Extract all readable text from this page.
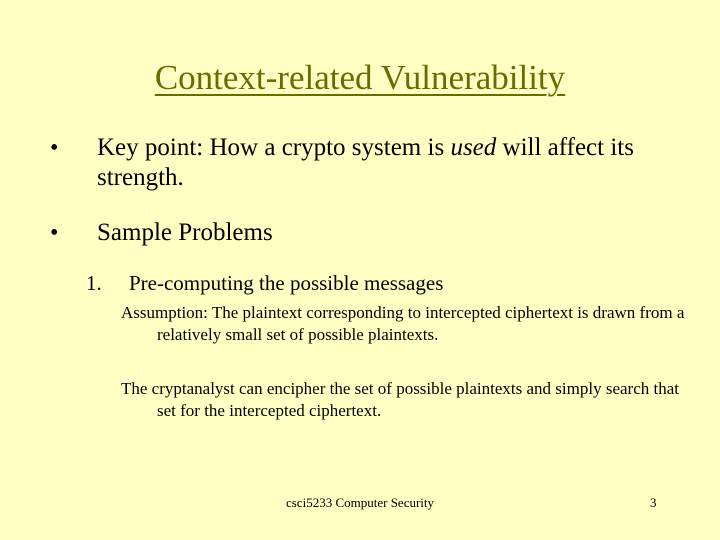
Context-related Vulnerability
• Key point: How a crypto system is used will affect its strength.
• Sample Problems
1. Pre-computing the possible messages
Assumption: The plaintext corresponding to intercepted ciphertext is drawn from a relatively small set of possible plaintexts.
The cryptanalyst can encipher the set of possible plaintexts and simply search that set for the intercepted ciphertext.
csci5233 Computer Security	3
